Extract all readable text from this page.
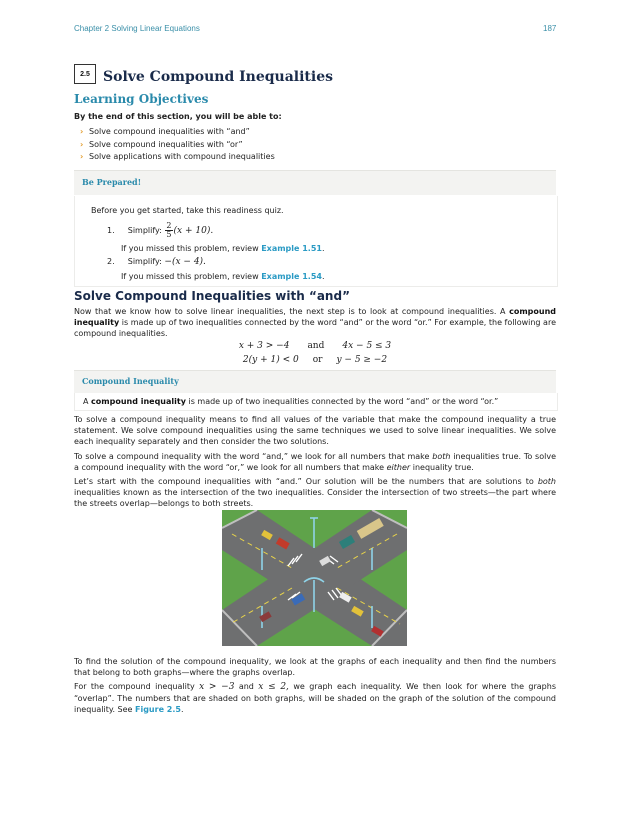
Chapter 2 Solving Linear Equations	187
2.5 Solve Compound Inequalities
Learning Objectives
By the end of this section, you will be able to:
› Solve compound inequalities with “and”
› Solve compound inequalities with “or”
› Solve applications with compound inequalities
Be Prepared!
Before you get started, take this readiness quiz.
1. Simplify: $\frac{2}{5} (x + 10)$.
If you missed this problem, review Example 1.51.
2. Simplify: −(x − 4).
If you missed this problem, review Example 1.54.
Solve Compound Inequalities with “and”

Now that we know how to solve linear inequalities, the next step is to look at compound inequalities. A compound inequality is made up of two inequalities connected by the word “and” or the word “or.” For example, the following are compound inequalities.

x + 3 > −4 and 4x − 5 ≤ 3
2(y + 1) < 0 or y − 5 ≥ −2
Compound Inequality

A compound inequality is made up of two inequalities connected by the word “and” or the word “or.”

To solve a compound inequality means to find all values of the variable that make the compound inequality a true statement. We solve compound inequalities using the same techniques we used to solve linear inequalities. We solve each inequality separately and then consider the two solutions.

To solve a compound inequality with the word “and,” we look for all numbers that make both inequalities true. To solve a compound inequality with the word “or,” we look for all numbers that make either inequality true.

Let’s start with the compound inequalities with “and.” Our solution will be the numbers that are solutions to both inequalities known as the intersection of the two inequalities. Consider the intersection of two streets—the part where the streets overlap—belongs to both streets.

To find the solution of the compound inequality, we look at the graphs of each inequality and then find the numbers that belong to both graphs—where the graphs overlap.

For the compound inequality x > −3 and x ≤ 2, we graph each inequality. We then look for where the graphs “overlap”. The numbers that are shaded on both graphs, will be shaded on the graph of the solution of the compound inequality. See Figure 2.5.
